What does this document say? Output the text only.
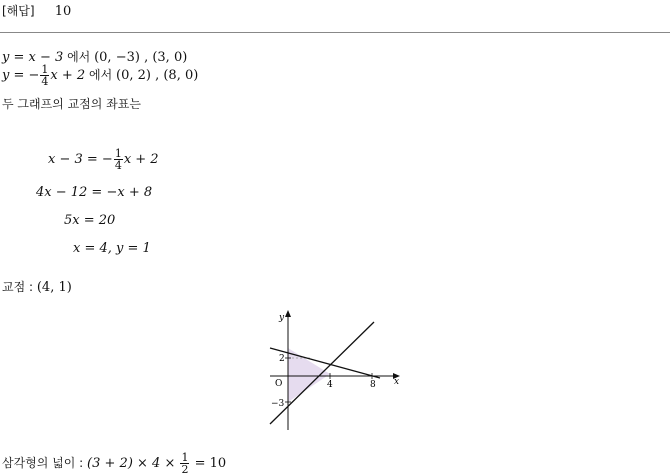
[해답] 10
y = x − 3 에서 (0, −3) , (3, 0)
y = − $\frac{1}{4}$ x + 2 에서 (0, 2) , (8, 0)
두 그래프의 교점의 좌표는
x − 3 = − $\frac{1}{4}$ x + 2
4x − 12 = −x + 8
5x = 20
x = 4, y = 1
교점 : (4, 1)
y
x
O
2
−3
4	8
삼각형의 넓이 : $(3 + 2) \times 4 \times \frac{1}{2} = 10$
